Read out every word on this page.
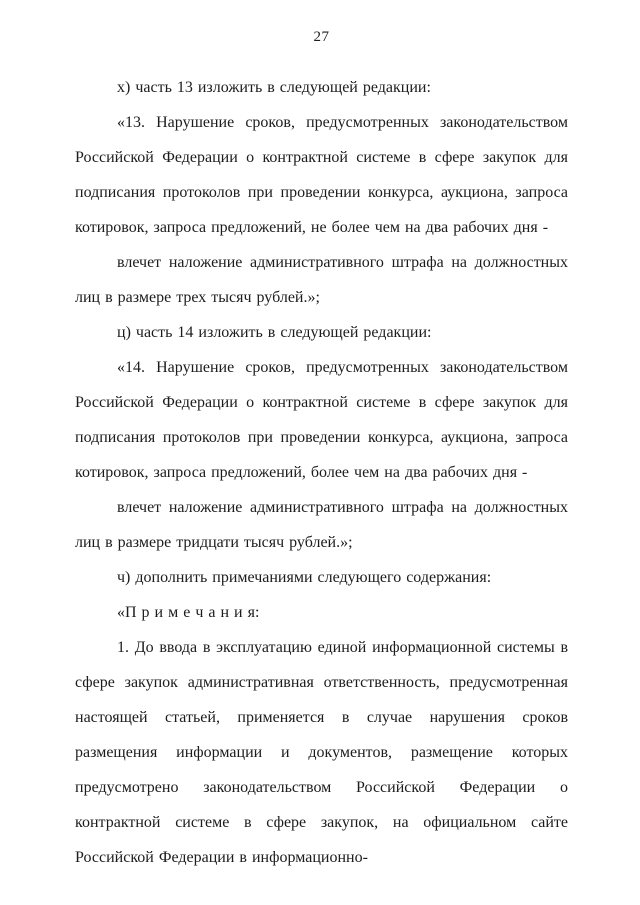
27

х) часть 13 изложить в следующей редакции:

«13. Нарушение сроков, предусмотренных законодательством Российской Федерации о контрактной системе в сфере закупок для подписания протоколов при проведении конкурса, аукциона, запроса котировок, запроса предложений, не более чем на два рабочих дня -

влечет наложение административного штрафа на должностных лиц в размере трех тысяч рублей.»;

ц) часть 14 изложить в следующей редакции:

«14. Нарушение сроков, предусмотренных законодательством Российской Федерации о контрактной системе в сфере закупок для подписания протоколов при проведении конкурса, аукциона, запроса котировок, запроса предложений, более чем на два рабочих дня -

влечет наложение административного штрафа на должностных лиц в размере тридцати тысяч рублей.»;

ч) дополнить примечаниями следующего содержания:

«П р и м е ч а н и я:

1. До ввода в эксплуатацию единой информационной системы в сфере закупок административная ответственность, предусмотренная настоящей статьей, применяется в случае нарушения сроков размещения информации и документов, размещение которых предусмотрено законодательством Российской Федерации о контрактной системе в сфере закупок, на официальном сайте Российской Федерации в информационно-
